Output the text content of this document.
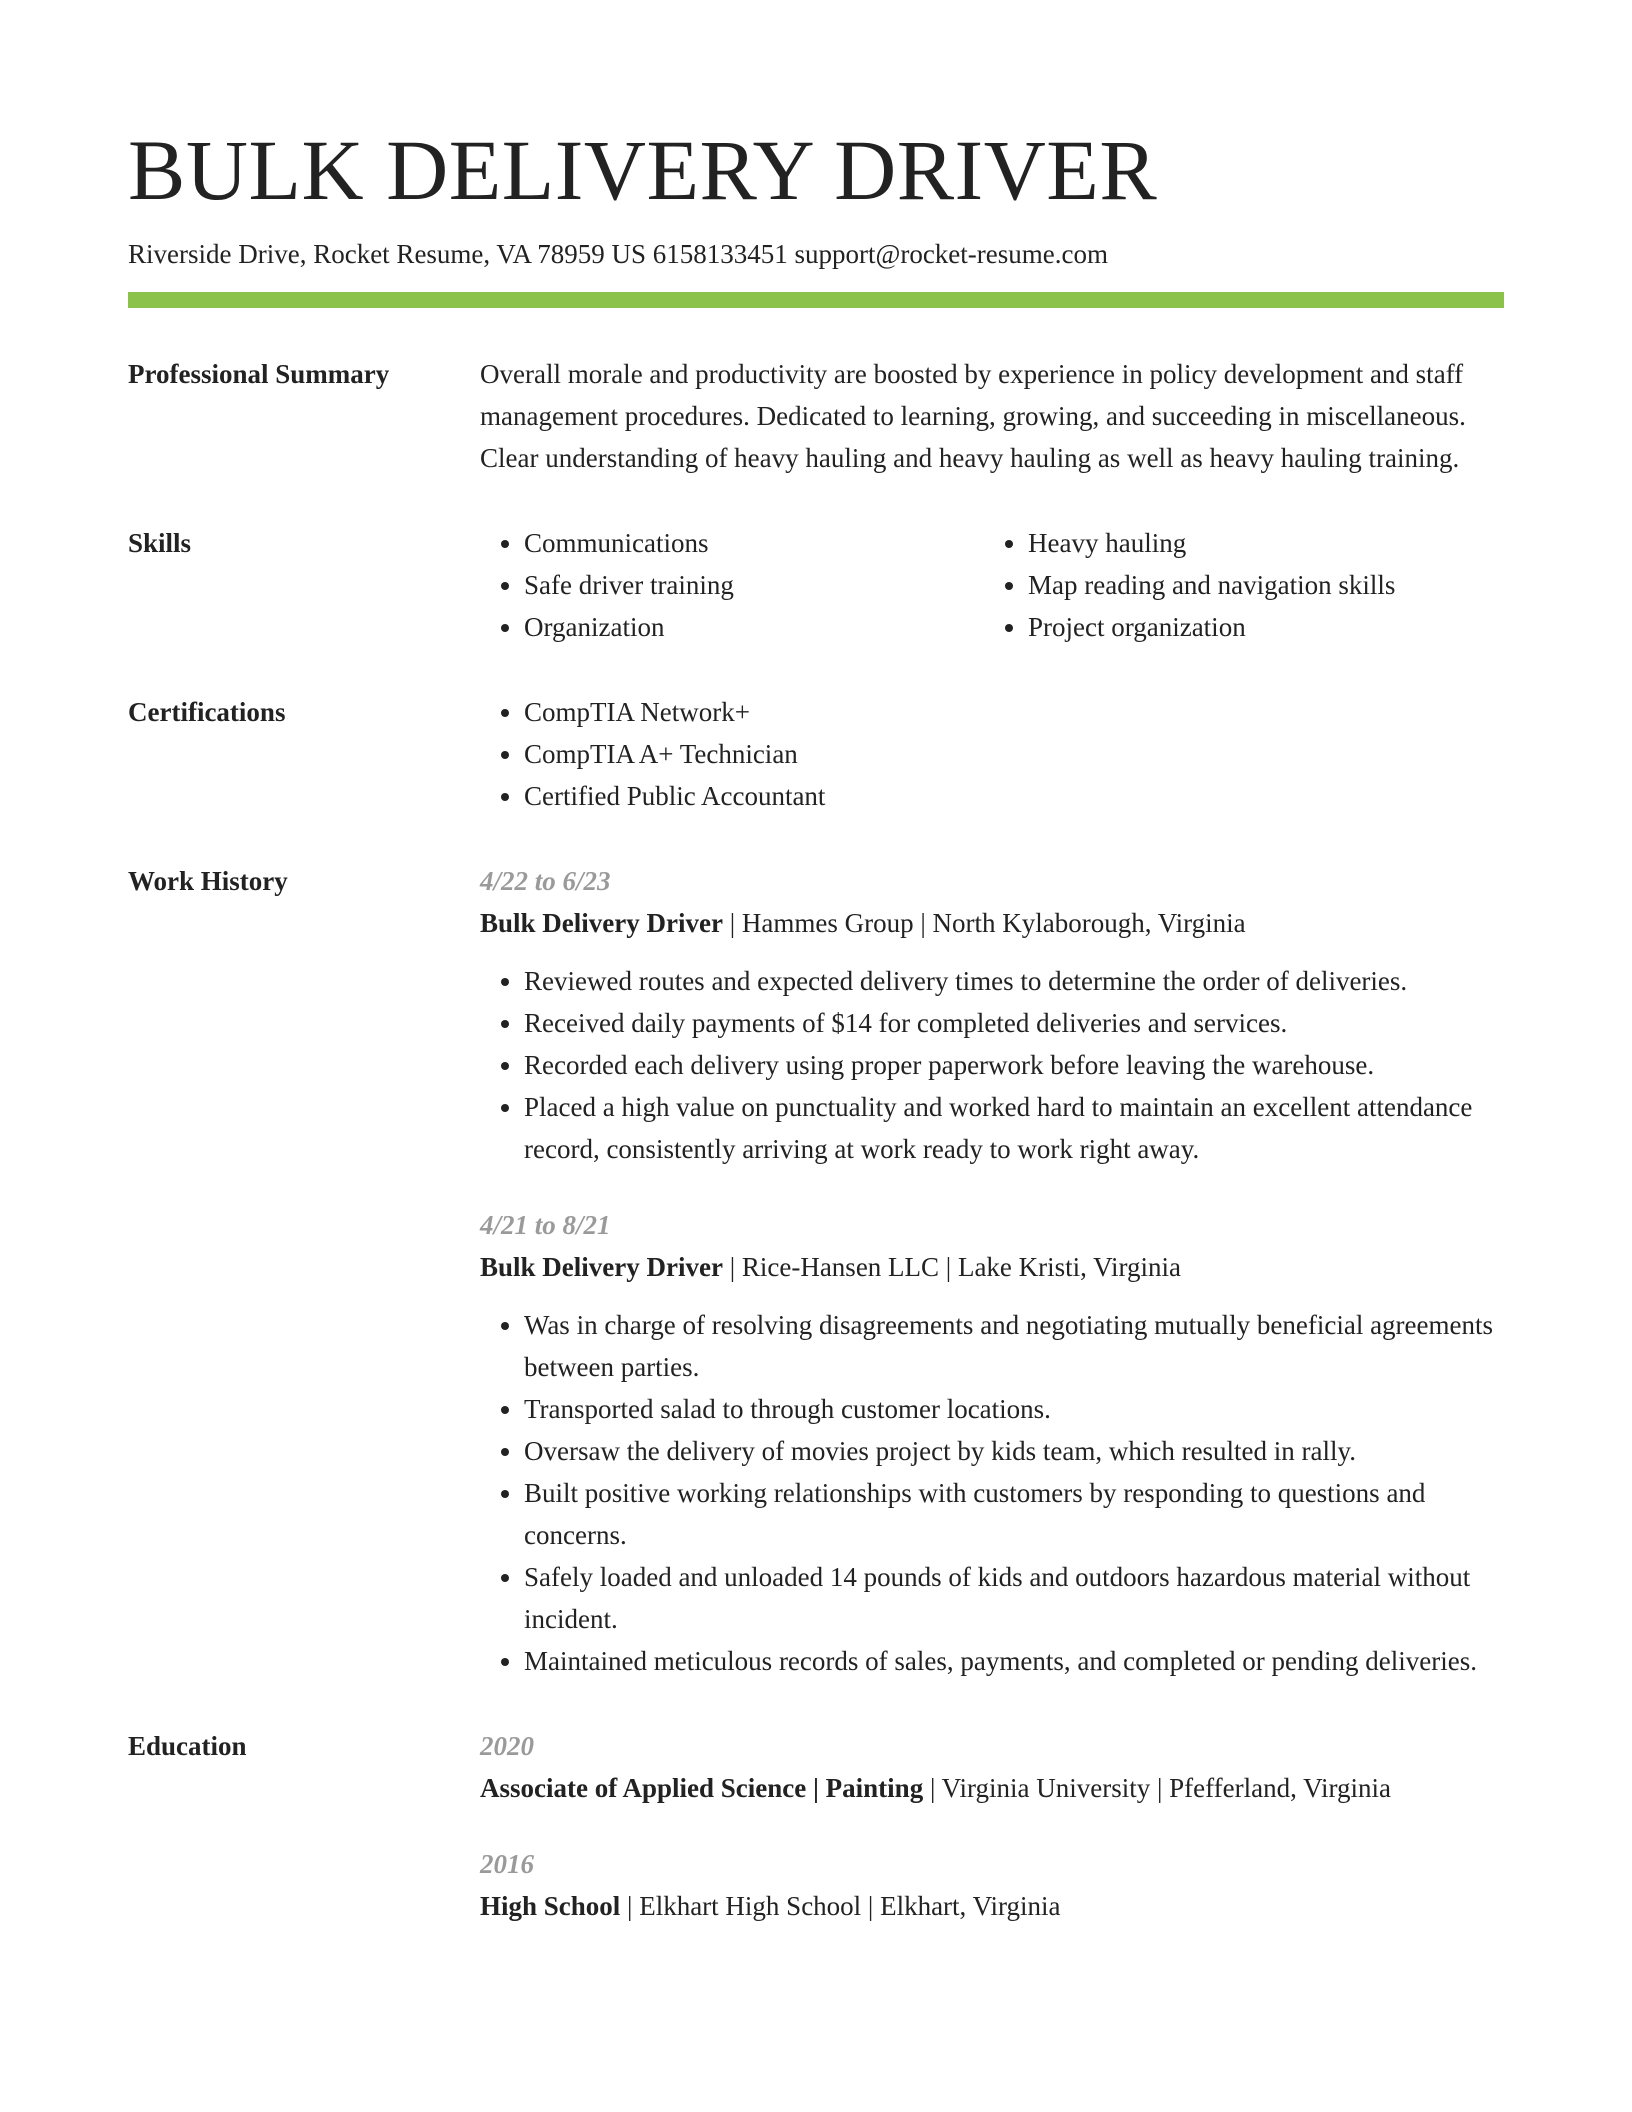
BULK DELIVERY DRIVER
Riverside Drive, Rocket Resume, VA 78959 US 6158133451 support@rocket-resume.com
Professional Summary	Overall morale and productivity are boosted by experience in policy development and staff management procedures. Dedicated to learning, growing, and succeeding in miscellaneous. Clear understanding of heavy hauling and heavy hauling as well as heavy hauling training.

Skills	• Communications
• Safe driver training
• Organization
• Heavy hauling
• Map reading and navigation skills
• Project organization
Certifications	• CompTIA Network+
• CompTIA A+ Technician
• Certified Public Accountant
Work History	4/22 to 6/23
Bulk Delivery Driver | Hammes Group | North Kylaborough, Virginia
• Reviewed routes and expected delivery times to determine the order of deliveries.
• Received daily payments of $14 for completed deliveries and services.
• Recorded each delivery using proper paperwork before leaving the warehouse.
• Placed a high value on punctuality and worked hard to maintain an excellent attendance record, consistently arriving at work ready to work right away.
4/21 to 8/21
Bulk Delivery Driver | Rice-Hansen LLC | Lake Kristi, Virginia
• Was in charge of resolving disagreements and negotiating mutually beneficial agreements between parties.
• Transported salad to through customer locations.
• Oversaw the delivery of movies project by kids team, which resulted in rally.
• Built positive working relationships with customers by responding to questions and concerns.
• Safely loaded and unloaded 14 pounds of kids and outdoors hazardous material without incident.
• Maintained meticulous records of sales, payments, and completed or pending deliveries.
Education	2020
Associate of Applied Science | Painting | Virginia University | Pfefferland, Virginia
2016
High School | Elkhart High School | Elkhart, Virginia
